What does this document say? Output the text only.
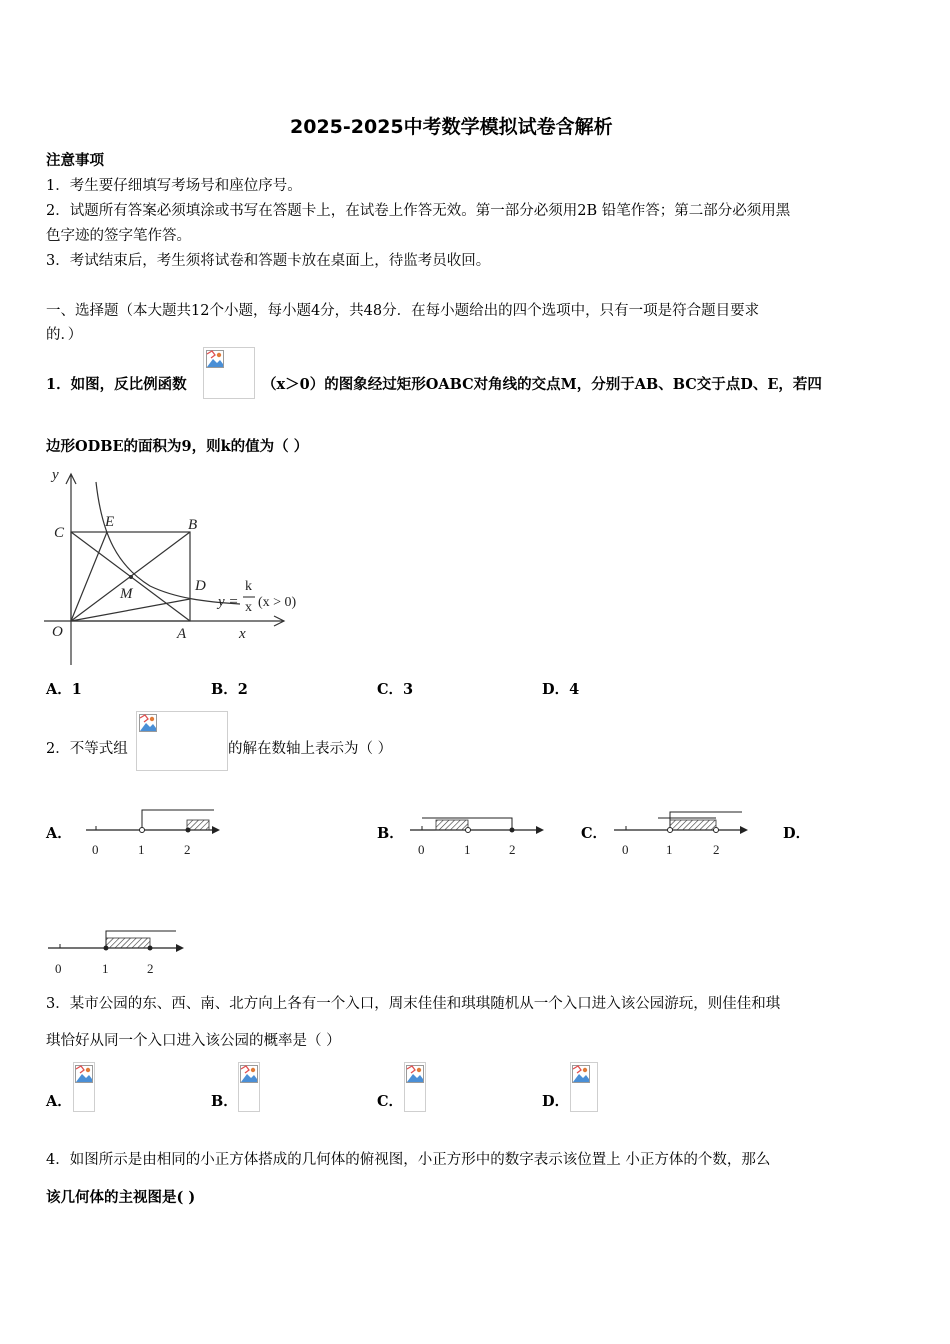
2025-2025中考数学模拟试卷含解析
注意事项
1．考生要仔细填写考场号和座位序号。
2．试题所有答案必须填涂或书写在答题卡上，在试卷上作答无效。第一部分必须用2B 铅笔作答；第二部分必须用黑
色字迹的签字笔作答。
3．考试结束后，考生须将试卷和答题卡放在桌面上，待监考员收回。
一、选择题（本大题共12个小题，每小题4分，共48分．在每小题给出的四个选项中，只有一项是符合题目要求
的．）
1．如图，反比例函数	（x＞0）的图象经过矩形OABC对角线的交点M，分别于AB、BC交于点D、E，若四
边形ODBE的面积为9，则k的值为（ ）
y
C
E	B
D
M
O	A	x
y =
k
x (x > 0)
A．1	B．2	C．3	D．4
2．不等式组	的解在数轴上表示为（ ）
A．
0	1	2
B．
0	1	2
C．
0	1	2
D．
0	1	2
3．某市公园的东、西、南、北方向上各有一个入口，周末佳佳和琪琪随机从一个入口进入该公园游玩，则佳佳和琪
琪恰好从同一个入口进入该公园的概率是（ ）
A．	B．	C．	D．
4．如图所示是由相同的小正方体搭成的几何体的俯视图，小正方形中的数字表示该位置上 小正方体的个数，那么
该几何体的主视图是( )
